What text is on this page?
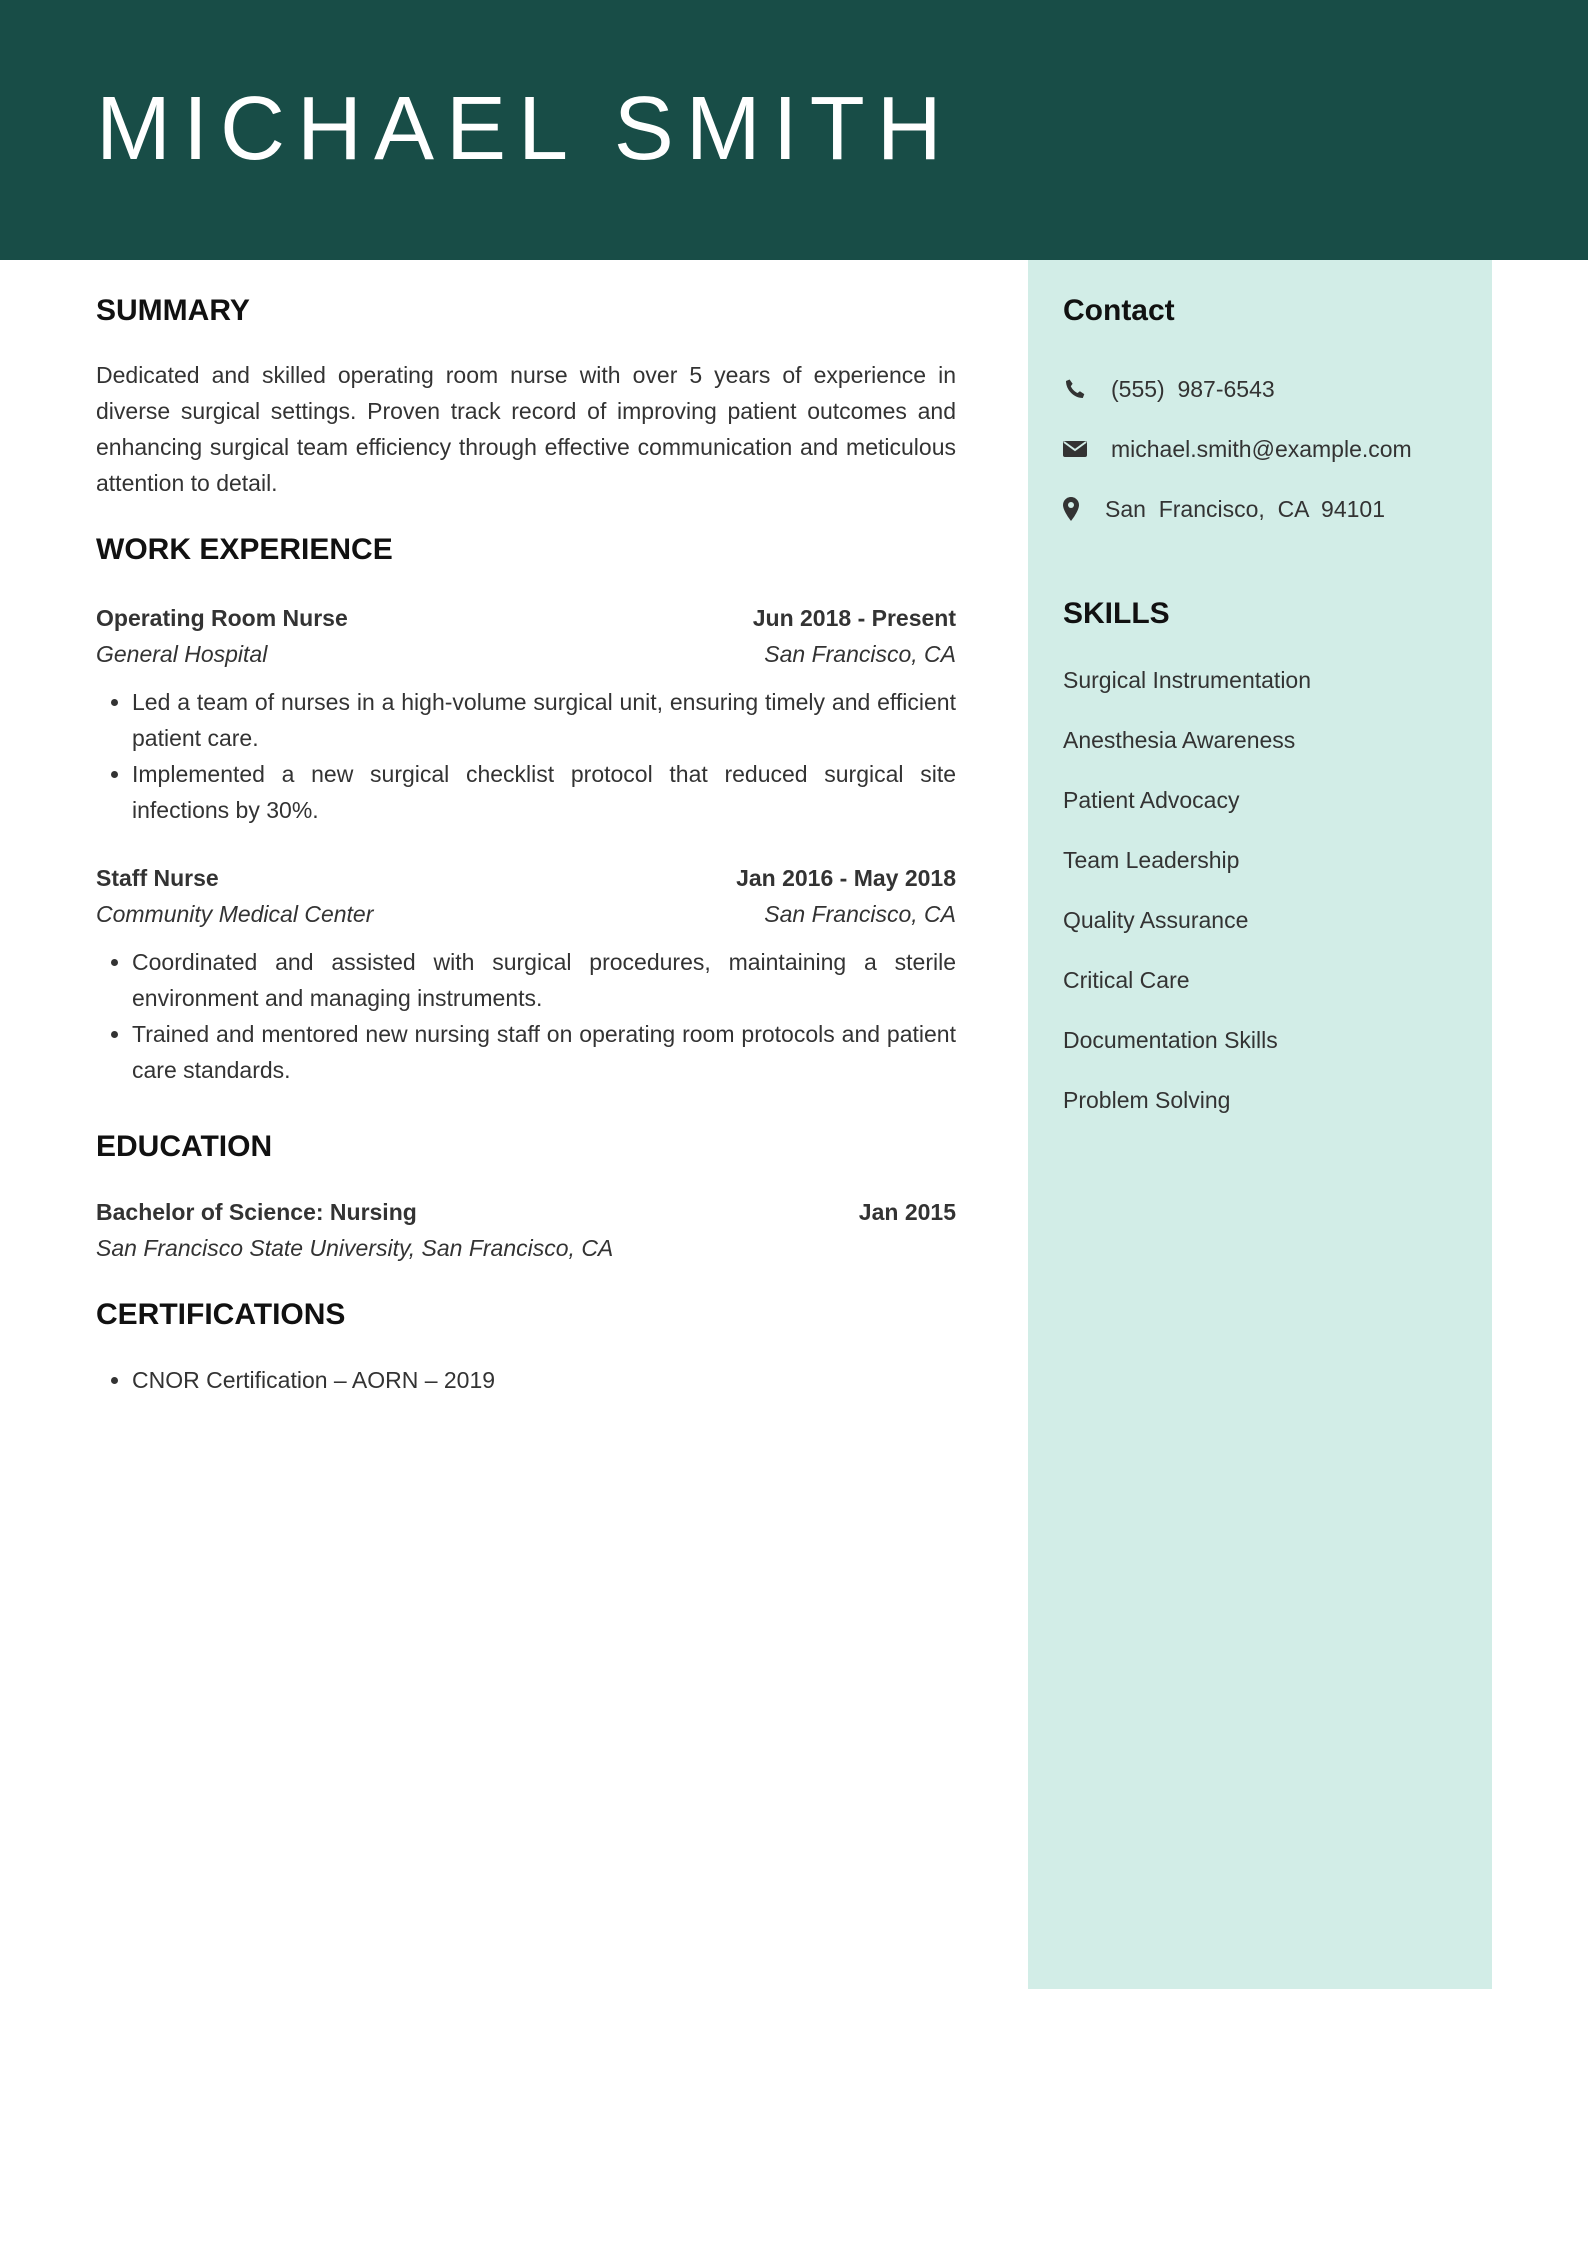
MICHAEL SMITH
Contact
(555)  987-6543
michael.smith@example.com
San  Francisco,  CA  94101
SKILLS
Surgical Instrumentation
Anesthesia Awareness
Patient Advocacy
Team Leadership
Quality Assurance
Critical Care
Documentation Skills
Problem Solving
SUMMARY

Dedicated and skilled operating room nurse with over 5 years of experience in diverse surgical settings. Proven track record of improving patient outcomes and enhancing surgical team efficiency through effective communication and meticulous attention to detail.

WORK EXPERIENCE
Operating Room Nurse	Jun 2018 - Present
General Hospital	San Francisco, CA
• Led a team of nurses in a high-volume surgical unit, ensuring timely and efficient patient care.
• Implemented a new surgical checklist protocol that reduced surgical site infections by 30%.
Staff Nurse	Jan 2016 - May 2018
Community Medical Center	San Francisco, CA
• Coordinated and assisted with surgical procedures, maintaining a sterile environment and managing instruments.
• Trained and mentored new nursing staff on operating room protocols and patient care standards.
EDUCATION
Bachelor of Science: Nursing	Jan 2015
San Francisco State University, San Francisco, CA
CERTIFICATIONS
• CNOR Certification – AORN – 2019
